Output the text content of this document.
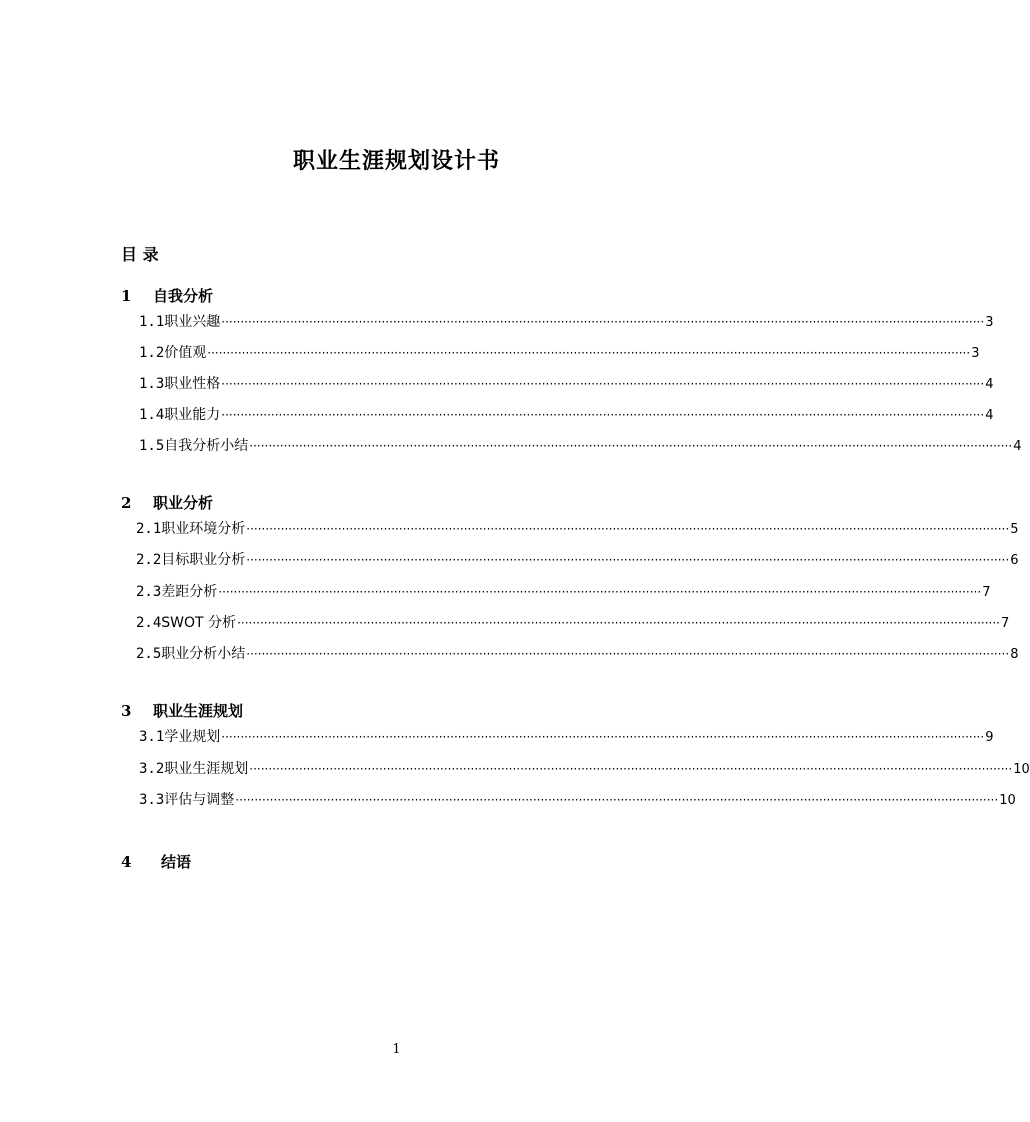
职业生涯规划设计书
目 录
1 自我分析
1.1 职业兴趣 ········································································································································································································ 3
1.2 价值观 ········································································································································································································ 3
1.3 职业性格 ········································································································································································································ 4
1.4 职业能力 ········································································································································································································ 4
1.5 自我分析小结 ········································································································································································································ 4
2 职业分析
2.1 职业环境分析 ········································································································································································································ 5
2.2 目标职业分析 ········································································································································································································ 6
2.3 差距分析 ········································································································································································································ 7
2.4 SWOT 分析 ········································································································································································································ 7
2.5 职业分析小结 ········································································································································································································ 8
3 职业生涯规划
3.1 学业规划 ········································································································································································································ 9
3.2 职业生涯规划 ········································································································································································································ 10
3.3 评估与调整 ········································································································································································································ 10
4 结语
1
